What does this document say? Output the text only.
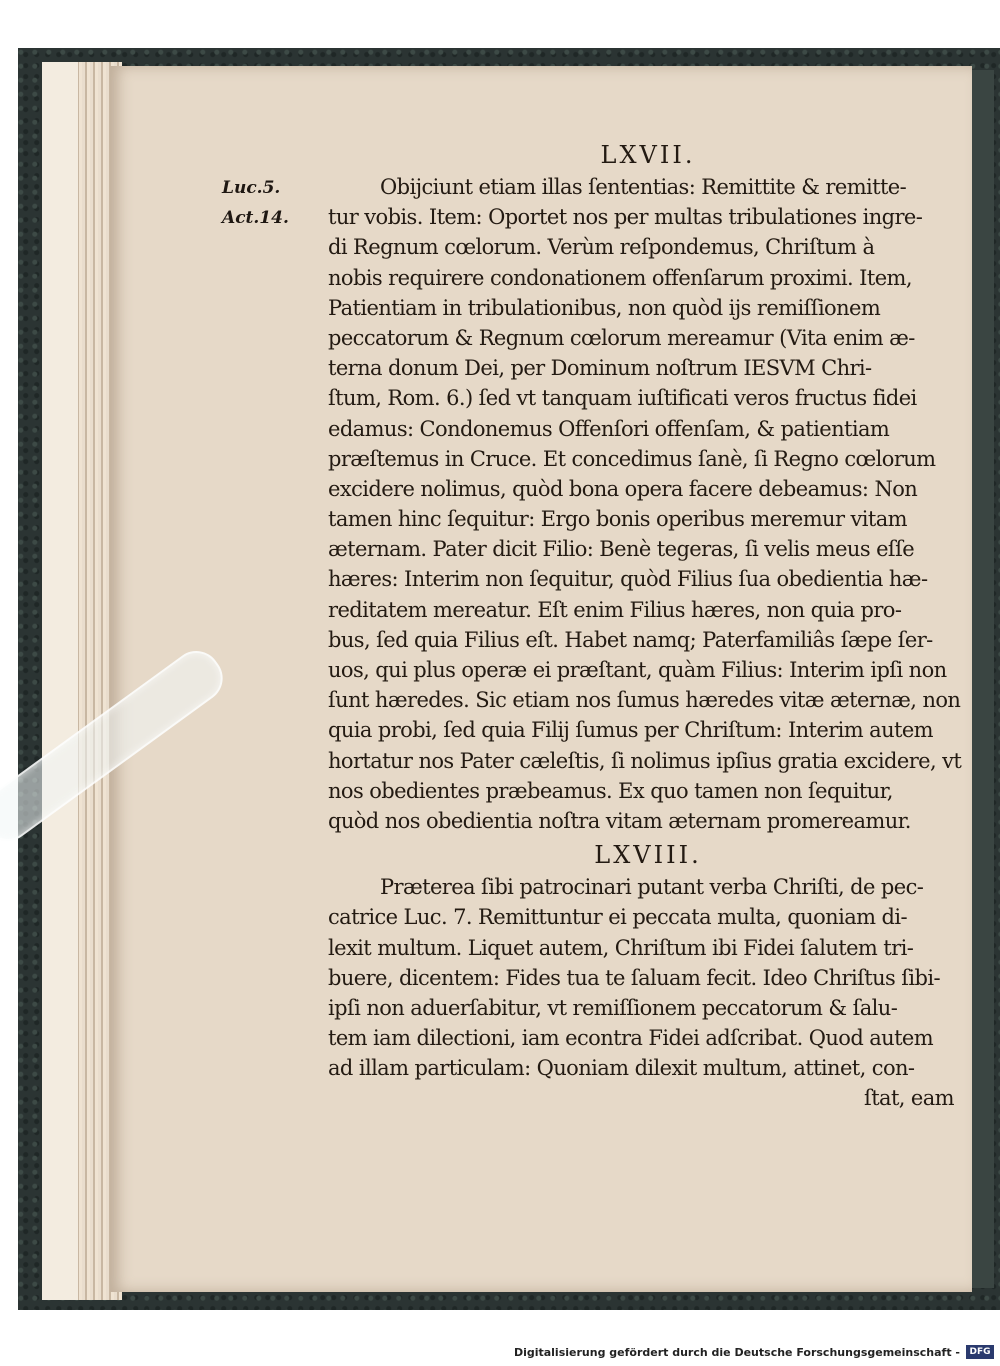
Luc.5.
Act.14.
LXVII.
Obijciunt etiam illas ſententias: Remittite & remitte-
tur vobis. Item: Oportet nos per multas tribulationes ingre-
di Regnum cœlorum. Verùm reſpondemus, Chriſtum à
nobis requirere condonationem offenſarum proximi. Item,
Patientiam in tribulationibus, non quòd ijs remiſſionem
peccatorum & Regnum cœlorum mereamur (Vita enim æ-
terna donum Dei, per Dominum noſtrum IESVM Chri-
ſtum, Rom. 6.) ſed vt tanquam iuſtificati veros fructus fidei
edamus: Condonemus Offenſori offenſam, & patientiam
præſtemus in Cruce. Et concedimus ſanè, ſi Regno cœlorum
excidere nolimus, quòd bona opera facere debeamus: Non
tamen hinc ſequitur: Ergo bonis operibus meremur vitam
æternam. Pater dicit Filio: Benè tegeras, ſi velis meus eſſe
hæres: Interim non ſequitur, quòd Filius ſua obedientia hæ-
reditatem mereatur. Eſt enim Filius hæres, non quia pro-
bus, ſed quia Filius eſt. Habet namq; Paterfamiliâs ſæpe ſer-
uos, qui plus operæ ei præſtant, quàm Filius: Interim ipſi non
ſunt hæredes. Sic etiam nos ſumus hæredes vitæ æternæ, non
quia probi, ſed quia Filij ſumus per Chriſtum: Interim autem
hortatur nos Pater cæleſtis, ſi nolimus ipſius gratia excidere, vt
nos obedientes præbeamus. Ex quo tamen non ſequitur,
quòd nos obedientia noſtra vitam æternam promereamur.
LXVIII.
Præterea ſibi patrocinari putant verba Chriſti, de pec-
catrice Luc. 7. Remittuntur ei peccata multa, quoniam di-
lexit multum. Liquet autem, Chriſtum ibi Fidei ſalutem tri-
buere, dicentem: Fides tua te ſaluam fecit. Ideo Chriſtus ſibi-
ipſi non aduerſabitur, vt remiſſionem peccatorum & ſalu-
tem iam dilectioni, iam econtra Fidei adſcribat. Quod autem
ad illam particulam: Quoniam dilexit multum, attinet, con-
ſtat, eam
Digitalisierung gefördert durch die Deutsche Forschungsgemeinschaft -	DFG
